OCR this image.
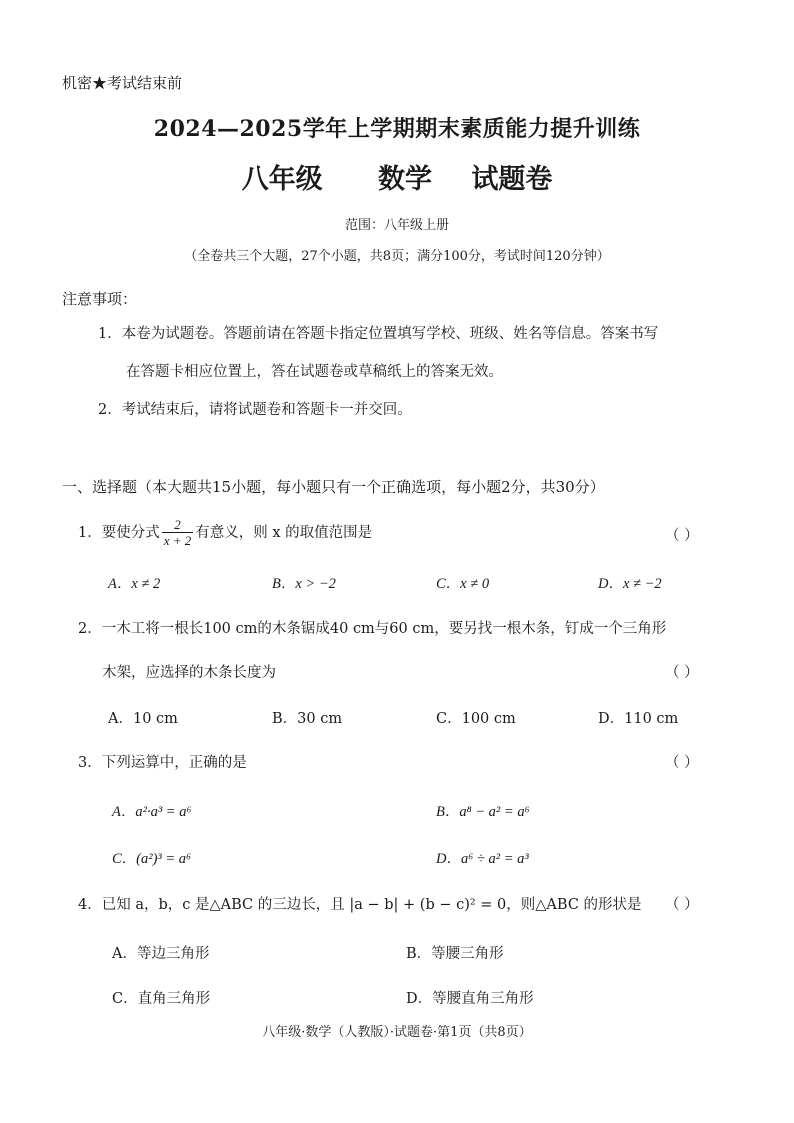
机密★考试结束前
2024—2025学年上学期期末素质能力提升训练
八年级 数学 试题卷
范围：八年级上册
（全卷共三个大题，27个小题，共8页；满分100分，考试时间120分钟）
注意事项：
1．本卷为试题卷。答题前请在答题卡指定位置填写学校、班级、姓名等信息。答案书写
在答题卡相应位置上，答在试题卷或草稿纸上的答案无效。
2．考试结束后，请将试题卷和答题卡一并交回。
一、选择题（本大题共15小题，每小题只有一个正确选项，每小题2分，共30分）
1．要使分式 $\frac{2}{x + 2}$ 有意义，则 x 的取值范围是	（ ）
A．x ≠ 2	B．x > −2	C．x ≠ 0	D．x ≠ −2
2．一木工将一根长100 cm的木条锯成40 cm与60 cm，要另找一根木条，钉成一个三角形
木架，应选择的木条长度为	（ ）
A．10 cm	B．30 cm	C．100 cm	D．110 cm
3．下列运算中，正确的是	（ ）
A．a²·a³ = a⁶	B．a⁸ − a² = a⁶
C．(a²)³ = a⁶	D．a⁶ ÷ a² = a³
4．已知 a，b，c 是△ABC 的三边长，且 |a − b| + (b − c)² = 0，则△ABC 的形状是 （ ）
A．等边三角形	B．等腰三角形
C．直角三角形	D．等腰直角三角形
八年级·数学（人教版）·试题卷·第1页（共8页）
